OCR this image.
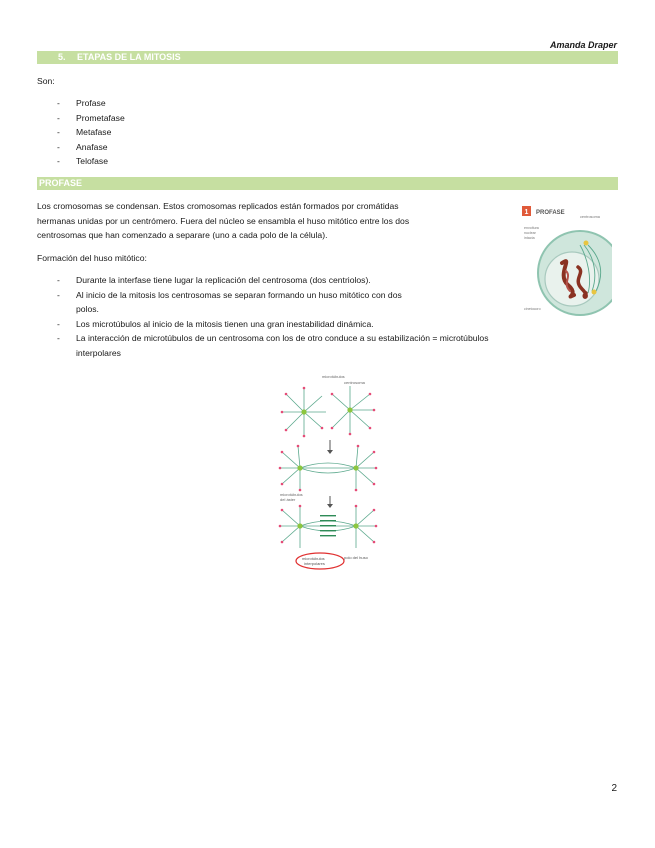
Amanda Draper
5. ETAPAS DE LA MITOSIS
Son:
- Profase
- Prometafase
- Metafase
- Anafase
- Telofase
PROFASE
Los cromosomas se condensan. Estos cromosomas replicados están formados por cromátidas
hermanas unidas por un centrómero. Fuera del núcleo se ensambla el huso mitótico entre los dos
centrosomas que han comenzado a separare (uno a cada polo de la célula).
Formación del huso mitótico:
- Durante la interfase tiene lugar la replicación del centrosoma (dos centriolos).
- Al inicio de la mitosis los centrosomas se separan formando un huso mitótico con dos
polos.
- Los microtúbulos al inicio de la mitosis tienen una gran inestabilidad dinámica.
- La interacción de microtúbulos de un centrosoma con los de otro conduce a su estabilización = microtúbulos
interpolares
1 PROFASE
centrosoma
envoltura
nuclear
intacta
cinetocoro
microtúbulos
centrosoma
microtúbulos
del áster
microtúbulos
interpolares
polo del huso
2
